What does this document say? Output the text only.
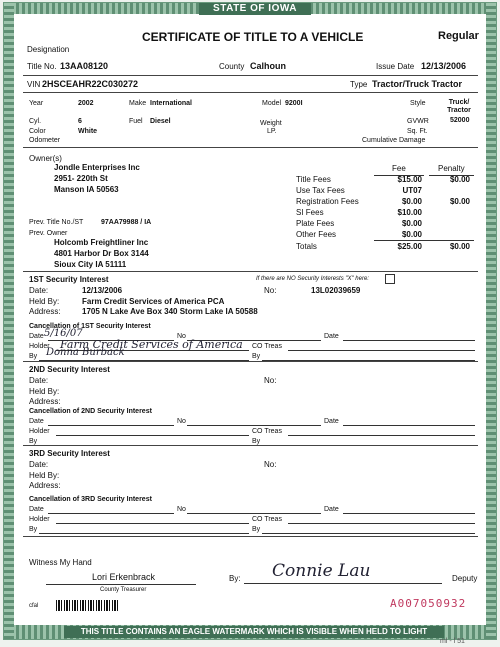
STATE OF IOWA
CERTIFICATE OF TITLE TO A VEHICLE	Regular
Designation
Title No. 13AA08120	County Calhoun	Issue Date 12/13/2006
VIN 2HSCEAHR22C030272	Type Tractor/Truck Tractor
Year	2002	Make International	Model 9200I	Style	Truck/ Tractor
Cyl.	6	Fuel Diesel	GVWR	52000
Color	White
Weight
LP.	Sq. Ft.
Odometer	Cumulative Damage
Owner(s)
Jondle Enterprises Inc
2951- 220th St
Manson IA 50563
Fee	Penalty
Title Fees	$15.00	$0.00
Use Tax Fees	UT07
Registration Fees	$0.00	$0.00
SI Fees	$10.00
Plate Fees	$0.00
Other Fees	$0.00
Totals	$25.00	$0.00
Prev. Title No./ST	97AA79988 / IA
Prev. Owner
Holcomb Freightliner Inc
4801 Harbor Dr Box 3144
Sioux City IA 51111
If there are NO Security Interests "X" here:
1ST Security Interest
Date:	12/13/2006	No:	13L02039659
Held By:	Farm Credit Services of America PCA
Address:	1705 N Lake Ave Box 340 Storm Lake IA 50588
Cancellation of 1ST Security Interest
Date	No	Date
Holder	CO Treas
By	By
5/16/07
Farm Credit Services of America
Donna Burback
2ND Security Interest
Date:	No:
Held By:
Address:
Cancellation of 2ND Security Interest
Date	No	Date
Holder	CO Treas
By	By
3RD Security Interest
Date:	No:
Held By:
Address:
Cancellation of 3RD Security Interest
Date	No	Date
Holder	CO Treas
By	By
Witness My Hand
Lori Erkenbrack
County Treasurer
By: Connie Lau	Deputy
cfal	A007050932
THIS TITLE CONTAINS AN EAGLE WATERMARK WHICH IS VISIBLE WHEN HELD TO LIGHT
ml - l 51
